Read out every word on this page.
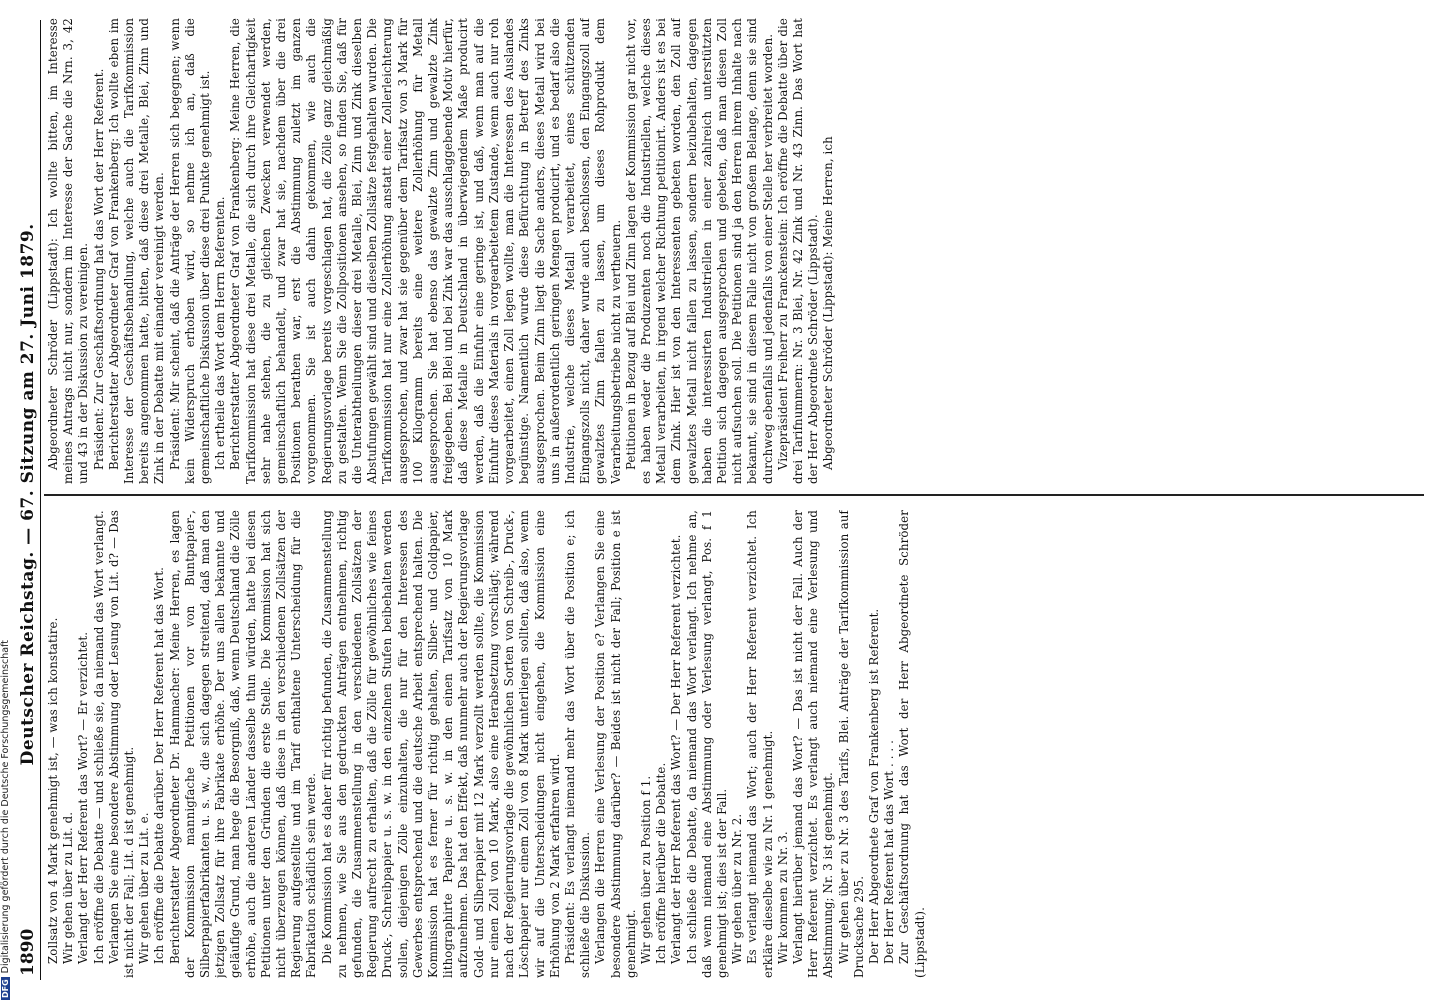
1890
Deutscher Reichstag. — 67. Sitzung am 27. Juni 1879.

Zollsatz von 4 Mark genehmigt ist, — was ich konstatire. Wir gehen über zu Lit. d. Verlangt der Herr Referent das Wort? — Er verzichtet. Ich eröffne die Debatte — und schließe sie, da niemand das Wort verlangt. Verlangen Sie eine besondere Abstimmung oder Lesung von Lit. d? — Das ist nicht der Fall; Lit. d ist genehmigt. Wir gehen über zu Lit. e. Ich eröffne die Debatte darüber. Der Herr Referent hat das Wort. Berichterstatter Abgeordneter Dr. Hammacher: Meine Herren, es lagen der Kommission mannigfache Petitionen vor von Buntpapier-, Silberpapierfabrikanten u. s. w., die sich dagegen streitend, daß man den jetzigen Zollsatz für ihre Fabrikate erhöhe. Der uns allen bekannte und geläufige Grund, man hege die Besorgniß, daß, wenn Deutschland die Zölle erhöhe, auch die anderen Länder dasselbe thun würden, hatte bei diesen Petitionen unter den Gründen die erste Stelle. Die Kommission hat sich nicht überzeugen können, daß diese in den verschiedenen Zollsätzen der Regierung aufgestellte und im Tarif enthaltene Unterscheidung für die Fabrikation schädlich sein werde. Die Kommission hat es daher für richtig befunden, die Zusammenstellung zu nehmen, wie Sie aus den gedruckten Anträgen entnehmen, richtig gefunden, die Zusammenstellung in den verschiedenen Zollsätzen der Regierung aufrecht zu erhalten, daß die Zölle für gewöhnliches wie feines Druck-, Schreibpapier u. s. w. in den einzelnen Stufen beibehalten werden sollen, diejenigen Zölle einzuhalten, die nur für den Interessen des Gewerbes entsprechend und die deutsche Arbeit entsprechend halten. Die Kommission hat es ferner für richtig gehalten, Silber- und Goldpapier, lithographirte Papiere u. s. w. in den einen Tarifsatz von 10 Mark aufzunehmen. Das hat den Effekt, daß nunmehr auch der Regierungsvorlage Gold- und Silberpapier mit 12 Mark verzollt werden sollte, die Kommission nur einen Zoll von 10 Mark, also eine Herabsetzung vorschlägt; während nach der Regierungsvorlage die gewöhnlichen Sorten von Schreib-, Druck-, Löschpapier nur einem Zoll von 8 Mark unterliegen sollten, daß also, wenn wir auf die Unterscheidungen nicht eingehen, die Kommission eine Erhöhung von 2 Mark erfahren wird. Präsident: Es verlangt niemand mehr das Wort über die Position e; ich schließe die Diskussion. Verlangen die Herren eine Verlesung der Position e? Verlangen Sie eine besondere Abstimmung darüber? — Beides ist nicht der Fall; Position e ist genehmigt. Wir gehen über zu Position f 1. Ich eröffne hierüber die Debatte. Verlangt der Herr Referent das Wort? — Der Herr Referent verzichtet. Ich schließe die Debatte, da niemand das Wort verlangt. Ich nehme an, daß wenn niemand eine Abstimmung oder Verlesung verlangt, Pos. f 1 genehmigt ist; dies ist der Fall. Wir gehen über zu Nr. 2. Es verlangt niemand das Wort; auch der Herr Referent verzichtet. Ich erkläre dieselbe wie zu Nr. 1 genehmigt. Wir kommen zu Nr. 3. Verlangt hierüber jemand das Wort? — Das ist nicht der Fall. Auch der Herr Referent verzichtet. Es verlangt auch niemand eine Verlesung und Abstimmung; Nr. 3 ist genehmigt. Wir gehen über zu Nr. 3 des Tarifs, Blei. Anträge der Tarifkommission auf Drucksache 295. Der Herr Abgeordnete Graf von Frankenberg ist Referent. Der Herr Referent hat das Wort . . . . Zur Geschäftsordnung hat das Wort der Herr Abgeordnete Schröder (Lippstadt).

Abgeordneter Schröder (Lippstadt): Ich wollte bitten, im Interesse meines Antrags nicht nur, sondern im Interesse der Sache die Nrn. 3, 42 und 43 in der Diskussion zu vereinigen. Präsident: Zur Geschäftsordnung hat das Wort der Herr Referent. Berichterstatter Abgeordneter Graf von Frankenberg: Ich wollte eben im Interesse der Geschäftsbehandlung, welche auch die Tarifkommission bereits angenommen hatte, bitten, daß diese drei Metalle, Blei, Zinn und Zink in der Debatte mit einander vereinigt werden. Präsident: Mir scheint, daß die Anträge der Herren sich begegnen; wenn kein Widerspruch erhoben wird, so nehme ich an, daß die gemeinschaftliche Diskussion über diese drei Punkte genehmigt ist. Ich ertheile das Wort dem Herrn Referenten. Berichterstatter Abgeordneter Graf von Frankenberg: Meine Herren, die Tarifkommission hat diese drei Metalle, die sich durch ihre Gleichartigkeit sehr nahe stehen, die zu gleichen Zwecken verwendet werden, gemeinschaftlich behandelt, und zwar hat sie, nachdem über die drei Positionen berathen war, erst die Abstimmung zuletzt im ganzen vorgenommen. Sie ist auch dahin gekommen, wie auch die Regierungsvorlage bereits vorgeschlagen hat, die Zölle ganz gleichmäßig zu gestalten. Wenn Sie die Zollpositionen ansehen, so finden Sie, daß für die Unterabtheilungen dieser drei Metalle, Blei, Zinn und Zink dieselben Abstufungen gewählt sind und dieselben Zollsätze festgehalten wurden. Die Tarifkommission hat nur eine Zollerhöhung anstatt einer Zollerleichterung ausgesprochen, und zwar hat sie gegenüber dem Tarifsatz von 3 Mark für 100 Kilogramm bereits eine weitere Zollerhöhung für Metall ausgesprochen. Sie hat ebenso das gewalzte Zinn und gewalzte Zink freigegeben. Bei Blei und bei Zink war das ausschlaggebende Motiv hierfür, daß diese Metalle in Deutschland in überwiegendem Maße producirt werden, daß die Einfuhr eine geringe ist, und daß, wenn man auf die Einfuhr dieses Materials in vorgearbeitetem Zustande, wenn auch nur roh vorgearbeitet, einen Zoll legen wollte, man die Interessen des Auslandes begünstige. Namentlich wurde diese Befürchtung in Betreff des Zinks ausgesprochen. Beim Zinn liegt die Sache anders, dieses Metall wird bei uns in außerordentlich geringen Mengen producirt, und es bedarf also die Industrie, welche dieses Metall verarbeitet, eines schützenden Eingangszolls nicht, daher wurde auch beschlossen, den Eingangszoll auf gewalztes Zinn fallen zu lassen, um dieses Rohprodukt dem Verarbeitungsbetriebe nicht zu vertheuern. Petitionen in Bezug auf Blei und Zinn lagen der Kommission gar nicht vor, es haben weder die Produzenten noch die Industriellen, welche dieses Metall verarbeiten, in irgend welcher Richtung petitionirt. Anders ist es bei dem Zink. Hier ist von den Interessenten gebeten worden, den Zoll auf gewalztes Metall nicht fallen zu lassen, sondern beizubehalten, dagegen haben die interessirten Industriellen in einer zahlreich unterstützten Petition sich dagegen ausgesprochen und gebeten, daß man diesen Zoll nicht aufsuchen soll. Die Petitionen sind ja den Herren ihrem Inhalte nach bekannt, sie sind in diesem Falle nicht von großem Belange, denn sie sind durchweg ebenfalls und jedenfalls von einer Stelle her verbreitet worden. Vizepräsident Freiherr zu Franckenstein: Ich eröffne die Debatte über die drei Tarifnummern: Nr. 3 Blei, Nr. 42 Zink und Nr. 43 Zinn. Das Wort hat der Herr Abgeordnete Schröder (Lippstadt). Abgeordneter Schröder (Lippstadt): Meine Herren, ich

DFGDigitalisierung gefördert durch die Deutsche Forschungsgemeinschaft
